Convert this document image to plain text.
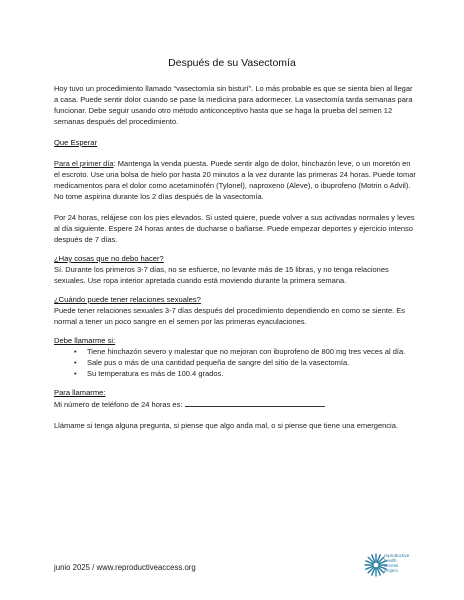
Después de su Vasectomía

Hoy tuvo un procedimiento llamado “vasectomía sin bisturí”. Lo más probable es que se sienta bien al llegar a casa. Puede sentir dolor cuando se pase la medicina para adormecer. La vasectomía tarda semanas para funcionar. Debe seguir usando otro método anticonceptivo hasta que se haga la prueba del semen 12 semanas después del procedimiento.

Que Esperar

Para el primer día: Mantenga la venda puesta. Puede sentir algo de dolor, hinchazón leve, o un moretón en el escroto. Use una bolsa de hielo por hasta 20 minutos a la vez durante las primeras 24 horas. Puede tomar medicamentos para el dolor como acetaminofén (Tylonel), naproxeno (Aleve), o ibuprofeno (Motrin o Advil). No tome aspirina durante los 2 días después de la vasectomía.

Por 24 horas, relájese con los pies elevados. Si usted quiere, puede volver a sus activadas normales y leves al día siguiente. Espere 24 horas antes de ducharse o bañarse. Puede empezar deportes y ejercicio intenso después de 7 días.

¿Hay cosas que no debo hacer?

Sí. Durante los primeros 3-7 días, no se esfuerce, no levante más de 15 libras, y no tenga relaciones sexuales. Use ropa interior apretada cuando está moviendo durante la primera semana.

¿Cuándo puede tener relaciones sexuales?

Puede tener relaciones sexuales 3-7 días después del procedimiento dependiendo en como se siente. Es normal a tener un poco sangre en el semen por las primeras eyaculaciones.

Debe llamarme si:

• Tiene hinchazón severo y malestar que no mejoran con ibuprofeno de 800 mg tres veces al día.
• Sale pus o más de una cantidad pequeña de sangre del sitio de la vasectomía.
• Su temperatura es más de 100.4 grados.

Para llamarme:

Mi número de teléfono de 24 horas es:

Llámame si tenga alguna pregunta, si piense que algo anda mal, o si piense que tiene una emergencia.

junio 2025 / www.reproductiveaccess.org
reproductive
health
access
project
